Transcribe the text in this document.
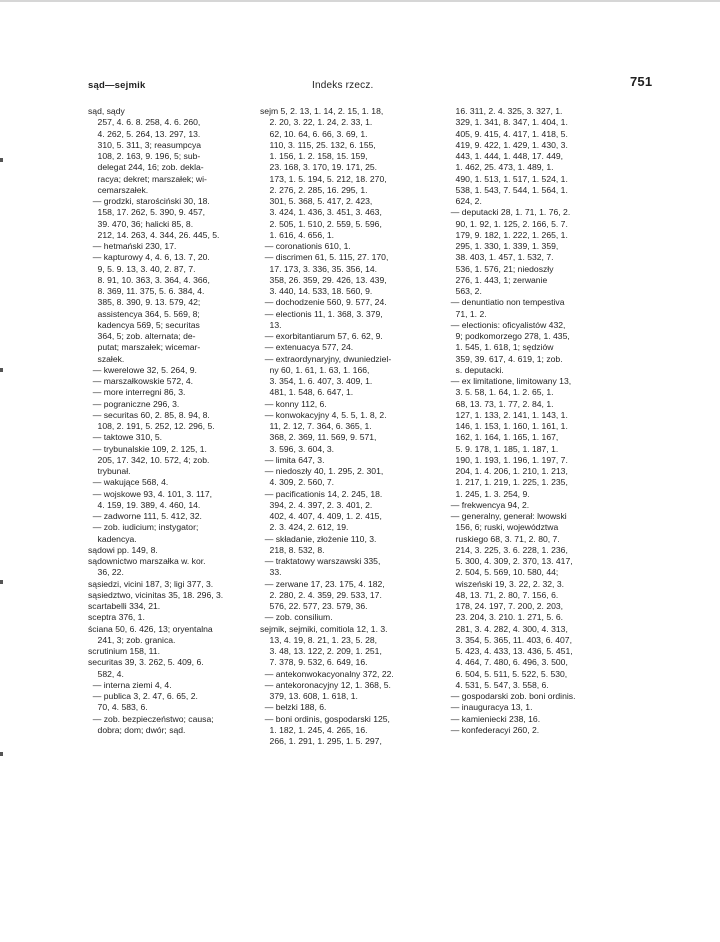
sąd—sejmik	Indeks rzecz.	751
sąd, sądy
257, 4. 6. 8. 258, 4. 6. 260,
4. 262, 5. 264, 13. 297, 13.
310, 5. 311, 3; reasumpcya
108, 2. 163, 9. 196, 5; sub-
delegat 244, 16; zob. dekla-
racya; dekret; marszałek; wi-
cemarszałek.
— grodzki, starościński 30, 18.
158, 17. 262, 5. 390, 9. 457,
39. 470, 36; halicki 85, 8.
212, 14. 263, 4. 344, 26. 445, 5.
— hetmański 230, 17.
— kapturowy 4, 4. 6, 13. 7, 20.
9, 5. 9. 13, 3. 40, 2. 87, 7.
8. 91, 10. 363, 3. 364, 4. 366,
8. 369, 11. 375, 5. 6. 384, 4.
385, 8. 390, 9. 13. 579, 42;
assistencya 364, 5. 569, 8;
kadencya 569, 5; securitas
364, 5; zob. alternata; de-
putat; marszałek; wicemar-
szałek.
— kwerelowe 32, 5. 264, 9.
— marszałkowskie 572, 4.
— more interregni 86, 3.
— pograniczne 296, 3.
— securitas 60, 2. 85, 8. 94, 8.
108, 2. 191, 5. 252, 12. 296, 5.
— taktowe 310, 5.
— trybunalskie 109, 2. 125, 1.
205, 17. 342, 10. 572, 4; zob.
trybunał.
— wakujące 568, 4.
— wojskowe 93, 4. 101, 3. 117,
4. 159, 19. 389, 4. 460, 14.
— zadworne 111, 5. 412, 32.
— zob. iudicium; instygator;
kadencya.
sądowi pp. 149, 8.
sądownictwo marszałka w. kor.
36, 22.
sąsiedzi, vicini 187, 3; ligi 377, 3.
sąsiedztwo, vicinitas 35, 18. 296, 3.
scartabelli 334, 21.
sceptra 376, 1.
ściana 50, 6. 426, 13; oryentalna
241, 3; zob. granica.
scrutinium 158, 11.
securitas 39, 3. 262, 5. 409, 6.
582, 4.
— interna ziemi 4, 4.
— publica 3, 2. 47, 6. 65, 2.
70, 4. 583, 6.
— zob. bezpieczeństwo; causa;
dobra; dom; dwór; sąd.
sejm 5, 2. 13, 1. 14, 2. 15, 1. 18,
2. 20, 3. 22, 1. 24, 2. 33, 1.
62, 10. 64, 6. 66, 3. 69, 1.
110, 3. 115, 25. 132, 6. 155,
1. 156, 1. 2. 158, 15. 159,
23. 168, 3. 170, 19. 171, 25.
173, 1. 5. 194, 5. 212, 18. 270,
2. 276, 2. 285, 16. 295, 1.
301, 5. 368, 5. 417, 2. 423,
3. 424, 1. 436, 3. 451, 3. 463,
2. 505, 1. 510, 2. 559, 5. 596,
1. 616, 4. 656, 1.
— coronationis 610, 1.
— discrimen 61, 5. 115, 27. 170,
17. 173, 3. 336, 35. 356, 14.
358, 26. 359, 29. 426, 13. 439,
3. 440, 14. 533, 18. 560, 9.
— dochodzenie 560, 9. 577, 24.
— electionis 11, 1. 368, 3. 379,
13.
— exorbitantiarum 57, 6. 62, 9.
— extenuacya 577, 24.
— extraordynaryjny, dwuniedziel-
ny 60, 1. 61, 1. 63, 1. 166,
3. 354, 1. 6. 407, 3. 409, 1.
481, 1. 548, 6. 647, 1.
— konny 112, 6.
— konwokacyjny 4, 5. 5, 1. 8, 2.
11, 2. 12, 7. 364, 6. 365, 1.
368, 2. 369, 11. 569, 9. 571,
3. 596, 3. 604, 3.
— limita 647, 3.
— niedoszły 40, 1. 295, 2. 301,
4. 309, 2. 560, 7.
— pacificationis 14, 2. 245, 18.
394, 2. 4. 397, 2. 3. 401, 2.
402, 4. 407, 4. 409, 1. 2. 415,
2. 3. 424, 2. 612, 19.
— składanie, złożenie 110, 3.
218, 8. 532, 8.
— traktatowy warszawski 335,
33.
— zerwane 17, 23. 175, 4. 182,
2. 280, 2. 4. 359, 29. 533, 17.
576, 22. 577, 23. 579, 36.
— zob. consilium.
sejmik, sejmiki, comitiola 12, 1. 3.
13, 4. 19, 8. 21, 1. 23, 5. 28,
3. 48, 13. 122, 2. 209, 1. 251,
7. 378, 9. 532, 6. 649, 16.
— antekonwokacyonalny 372, 22.
— antekoronacyjny 12, 1. 368, 5.
379, 13. 608, 1. 618, 1.
— bełzki 188, 6.
— boni ordinis, gospodarski 125,
1. 182, 1. 245, 4. 265, 16.
266, 1. 291, 1. 295, 1. 5. 297,
16. 311, 2. 4. 325, 3. 327, 1.
329, 1. 341, 8. 347, 1. 404, 1.
405, 9. 415, 4. 417, 1. 418, 5.
419, 9. 422, 1. 429, 1. 430, 3.
443, 1. 444, 1. 448, 17. 449,
1. 462, 25. 473, 1. 489, 1.
490, 1. 513, 1. 517, 1. 524, 1.
538, 1. 543, 7. 544, 1. 564, 1.
624, 2.
— deputacki 28, 1. 71, 1. 76, 2.
90, 1. 92, 1. 125, 2. 166, 5. 7.
179, 9. 182, 1. 222, 1. 265, 1.
295, 1. 330, 1. 339, 1. 359,
38. 403, 1. 457, 1. 532, 7.
536, 1. 576, 21; niedoszły
276, 1. 443, 1; zerwanie
563, 2.
— denuntiatio non tempestiva
71, 1. 2.
— electionis: oficyalistów 432,
9; podkomorzego 278, 1. 435,
1. 545, 1. 618, 1; sędziów
359, 39. 617, 4. 619, 1; zob.
s. deputacki.
— ex limitatione, limitowany 13,
3. 5. 58, 1. 64, 1. 2. 65, 1.
68, 13. 73, 1. 77, 2. 84, 1.
127, 1. 133, 2. 141, 1. 143, 1.
146, 1. 153, 1. 160, 1. 161, 1.
162, 1. 164, 1. 165, 1. 167,
5. 9. 178, 1. 185, 1. 187, 1.
190, 1. 193, 1. 196, 1. 197, 7.
204, 1. 4. 206, 1. 210, 1. 213,
1. 217, 1. 219, 1. 225, 1. 235,
1. 245, 1. 3. 254, 9.
— frekwencya 94, 2.
— generalny, generał: lwowski
156, 6; ruski, województwa
ruskiego 68, 3. 71, 2. 80, 7.
214, 3. 225, 3. 6. 228, 1. 236,
5. 300, 4. 309, 2. 370, 13. 417,
2. 504, 5. 569, 10. 580, 44;
wiszeński 19, 3. 22, 2. 32, 3.
48, 13. 71, 2. 80, 7. 156, 6.
178, 24. 197, 7. 200, 2. 203,
23. 204, 3. 210. 1. 271, 5. 6.
281, 3. 4. 282, 4. 300, 4. 313,
3. 354, 5. 365, 11. 403, 6. 407,
5. 423, 4. 433, 13. 436, 5. 451,
4. 464, 7. 480, 6. 496, 3. 500,
6. 504, 5. 511, 5. 522, 5. 530,
4. 531, 5. 547, 3. 558, 6.
— gospodarski zob. boni ordinis.
— inauguracya 13, 1.
— kamieniecki 238, 16.
— konfederacyi 260, 2.
